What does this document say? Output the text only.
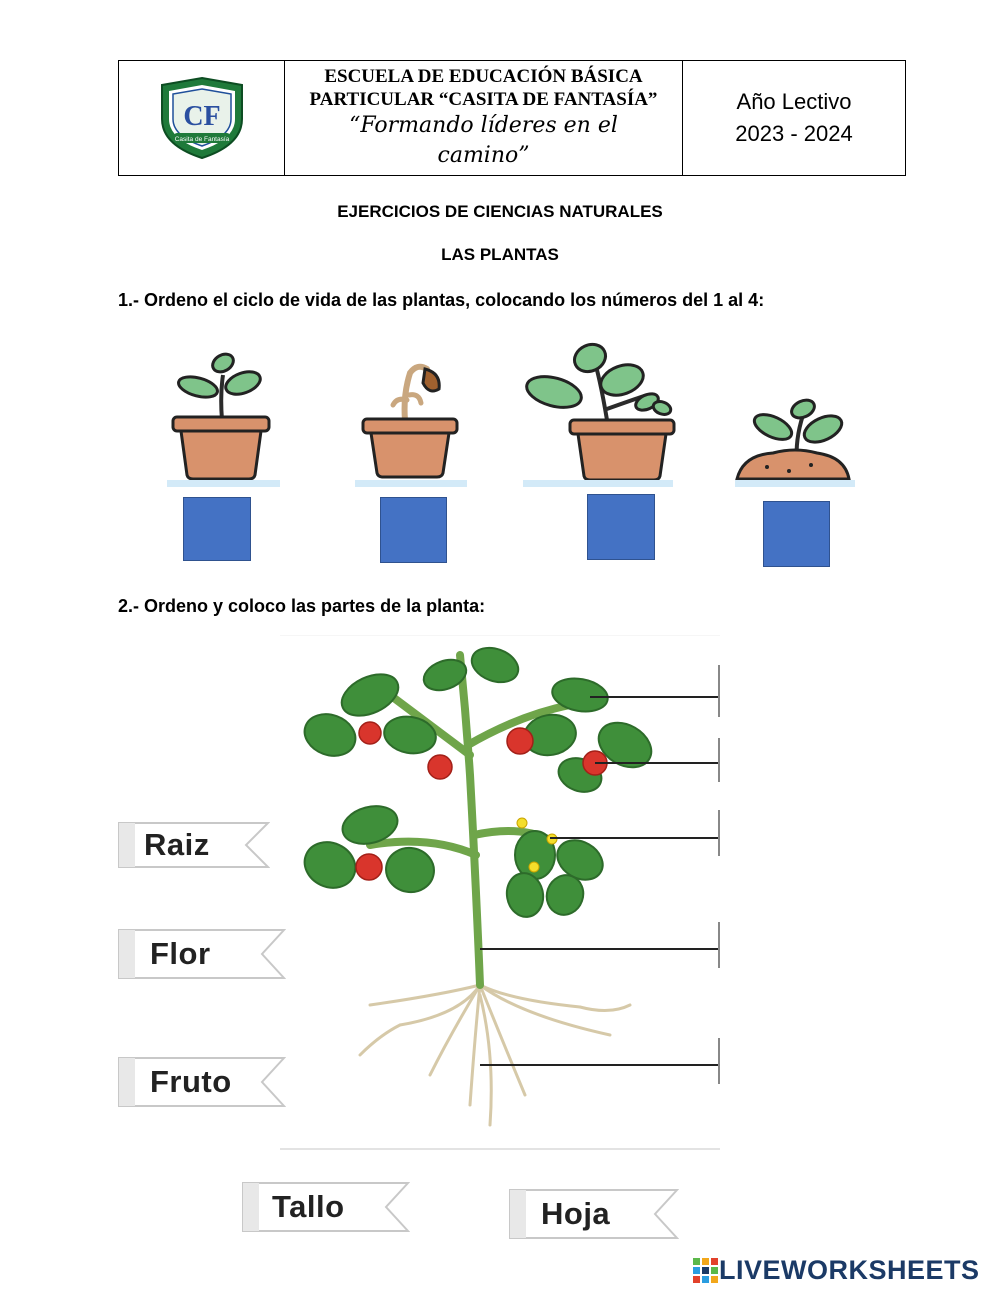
CF
Casita de Fantasía
ESCUELA DE EDUCACIÓN BÁSICA
PARTICULAR “CASITA DE FANTASÍA”
“Formando líderes en el
camino”
Año Lectivo
2023 - 2024
EJERCICIOS DE CIENCIAS NATURALES
LAS PLANTAS
1.- Ordeno el ciclo de vida de las plantas, colocando los números del 1 al 4:
2.- Ordeno y coloco las partes de la planta:
Raiz
Flor
Fruto
Tallo	Hoja
LIVEWORKSHEETS
